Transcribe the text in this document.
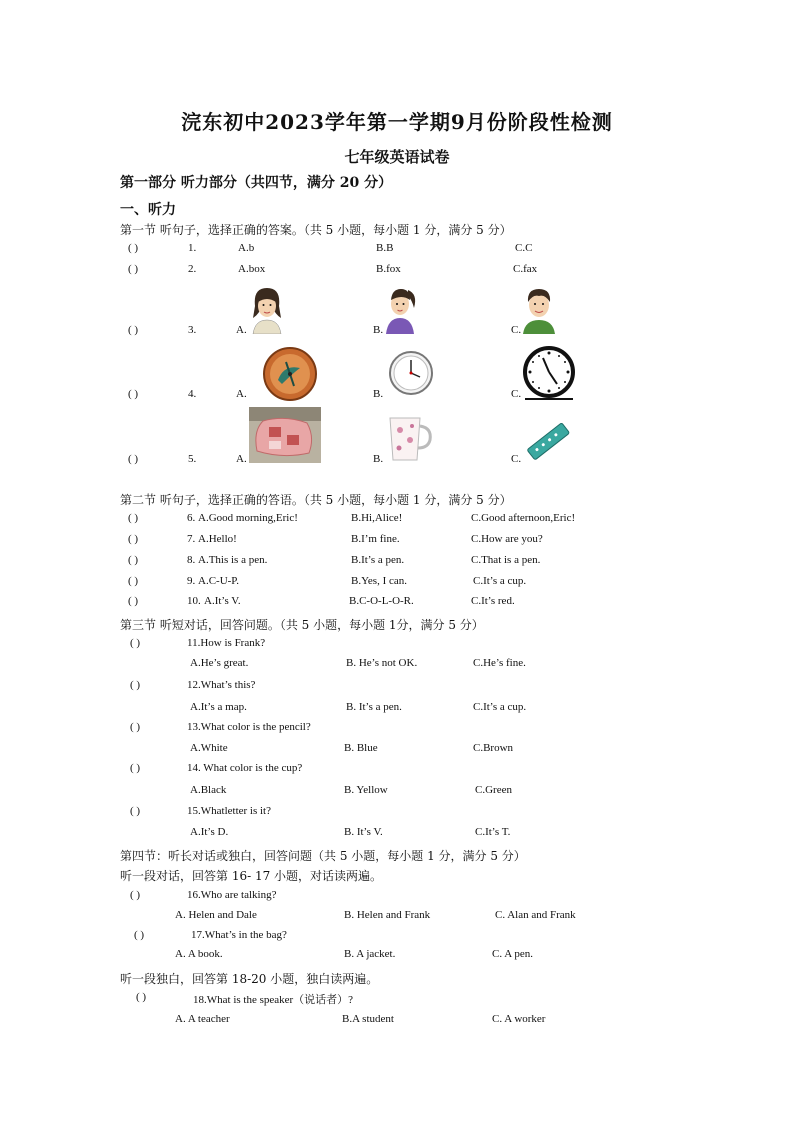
浣东初中2023学年第一学期9月份阶段性检测
七年级英语试卷
第一部分 听力部分（共四节，满分 20 分）
一、听力
第一节 听句子，选择正确的答案。（共 5 小题，每小题 1 分，满分 5 分）
( )	1.	A.b	B.B	C.C
( )	2.	A.box	B.fox	C.fax
( )	3.	A.	B.	C.
( )	4.	A.	B.	C.
( )	5.	A.	B.	C.
第二节 听句子，选择正确的答语。（共 5 小题，每小题 1 分，满分 5 分）
( )	6. A.Good morning,Eric!	B.Hi,Alice!	C.Good afternoon,Eric!
( )	7. A.Hello!	B.I’m fine.	C.How are you?
( )	8. A.This is a pen.	B.It’s a pen.	C.That is a pen.
( )	9. A.C-U-P.	B.Yes, I can.	C.It’s a cup.
( )	10. A.It’s V.	B.C-O-L-O-R.	C.It’s red.
第三节 听短对话，回答问题。（共 5 小题，每小题 1分，满分 5 分）
( )	11.How is Frank?
A.He’s great.	B. He’s not OK.	C.He’s fine.
( )	12.What’s this?
A.It’s a map.	B. It’s a pen.	C.It’s a cup.
( )	13.What color is the pencil?
A.White	B. Blue	C.Brown
( )	14. What color is the cup?
A.Black	B. Yellow	C.Green
( )	15.Whatletter is it?
A.It’s D.	B. It’s V.	C.It’s T.
第四节：听长对话或独白，回答问题（共 5 小题，每小题 1 分，满分 5 分）
听一段对话，回答第 16- 17 小题，对话读两遍。
( )	16.Who are talking?
A. Helen and Dale	B. Helen and Frank	C. Alan and Frank
( )	17.What’s in the bag?
A. A book.	B. A jacket.	C. A pen.
听一段独白，回答第 18-20 小题，独白读两遍。
( )	18.What is the speaker（说话者）?
A. A teacher	B.A student	C. A worker
